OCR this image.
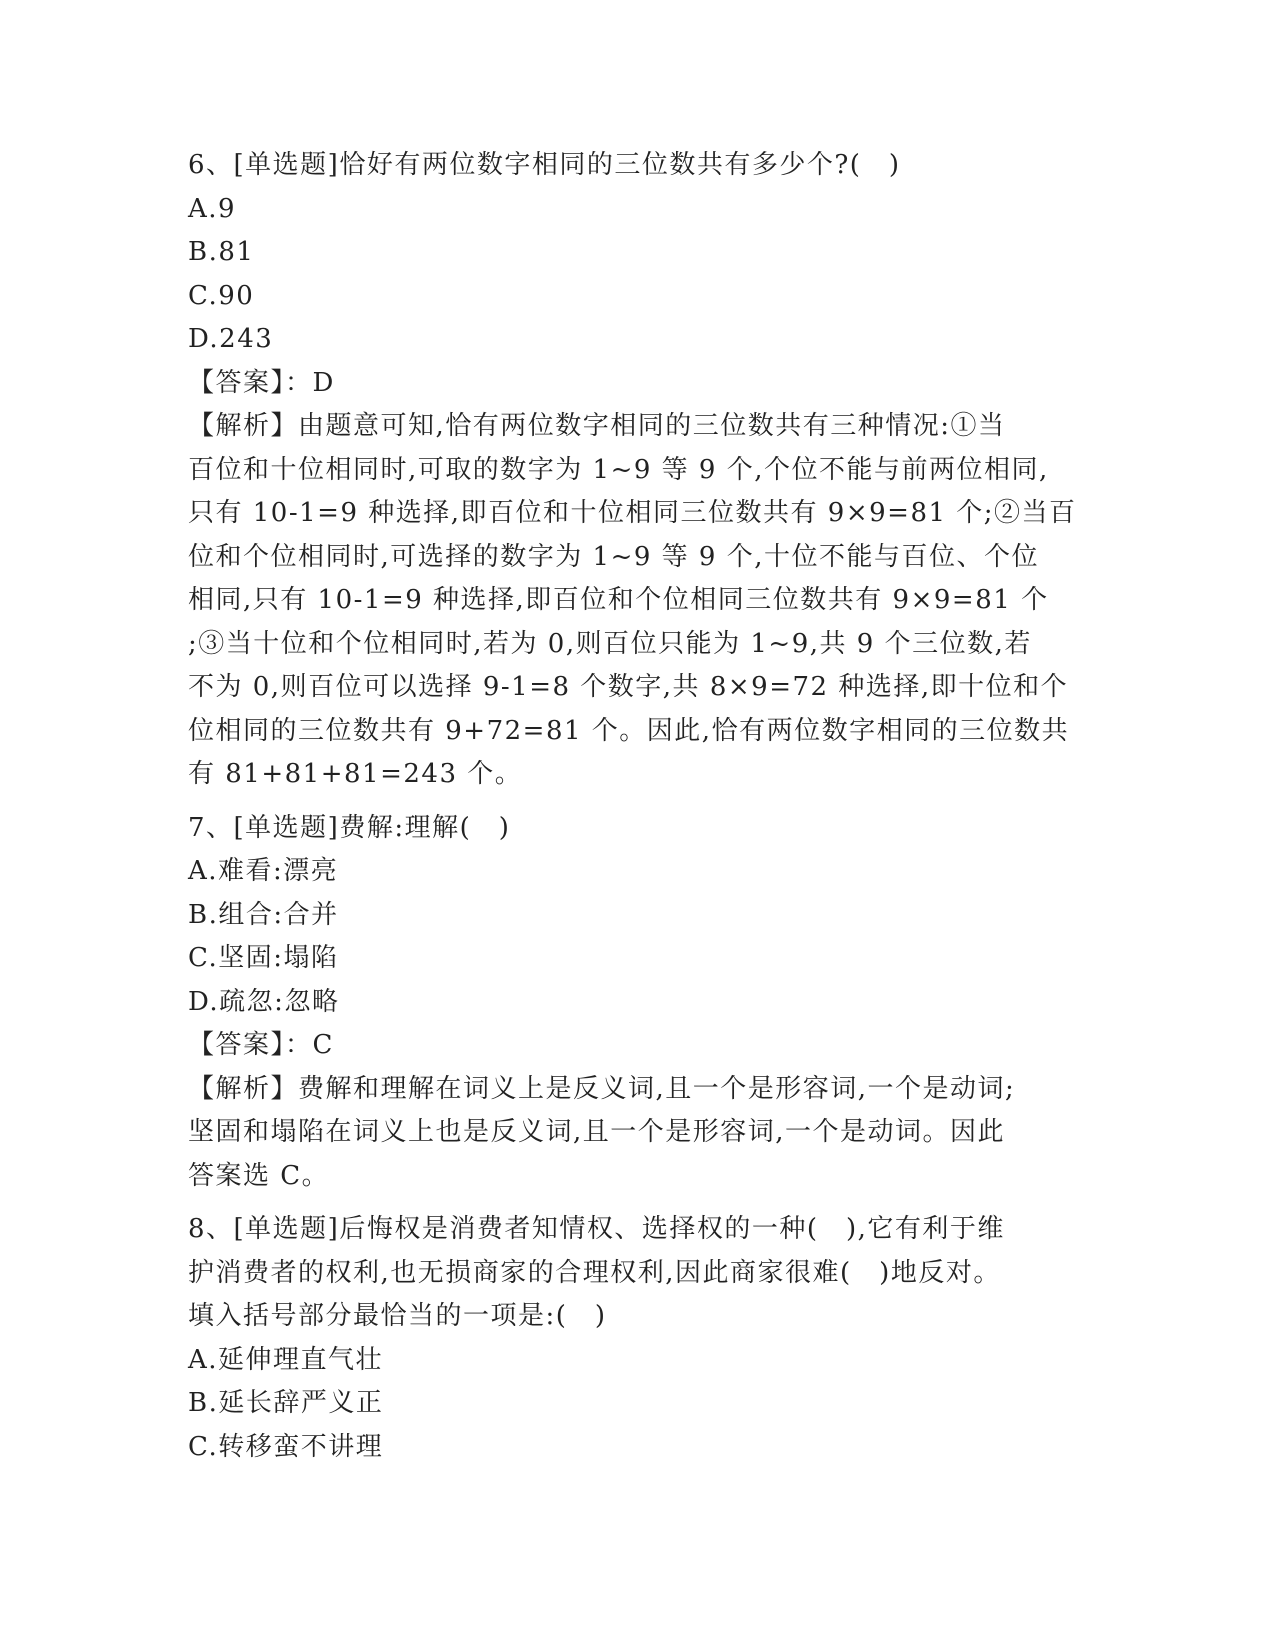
6、[单选题]恰好有两位数字相同的三位数共有多少个?(　)
A.9
B.81
C.90
D.243
【答案】：D
【解析】由题意可知,恰有两位数字相同的三位数共有三种情况:①当
百位和十位相同时,可取的数字为 1~9 等 9 个,个位不能与前两位相同,
只有 10-1=9 种选择,即百位和十位相同三位数共有 9×9=81 个;②当百
位和个位相同时,可选择的数字为 1~9 等 9 个,十位不能与百位、个位
相同,只有 10-1=9 种选择,即百位和个位相同三位数共有 9×9=81 个
;③当十位和个位相同时,若为 0,则百位只能为 1~9,共 9 个三位数,若
不为 0,则百位可以选择 9-1=8 个数字,共 8×9=72 种选择,即十位和个
位相同的三位数共有 9+72=81 个。因此,恰有两位数字相同的三位数共
有 81+81+81=243 个。
7、[单选题]费解:理解(　)
A.难看:漂亮
B.组合:合并
C.坚固:塌陷
D.疏忽:忽略
【答案】：C
【解析】费解和理解在词义上是反义词,且一个是形容词,一个是动词;
坚固和塌陷在词义上也是反义词,且一个是形容词,一个是动词。因此
答案选 C。
8、[单选题]后悔权是消费者知情权、选择权的一种(　),它有利于维
护消费者的权利,也无损商家的合理权利,因此商家很难(　)地反对。
填入括号部分最恰当的一项是:(　)
A.延伸理直气壮
B.延长辞严义正
C.转移蛮不讲理
